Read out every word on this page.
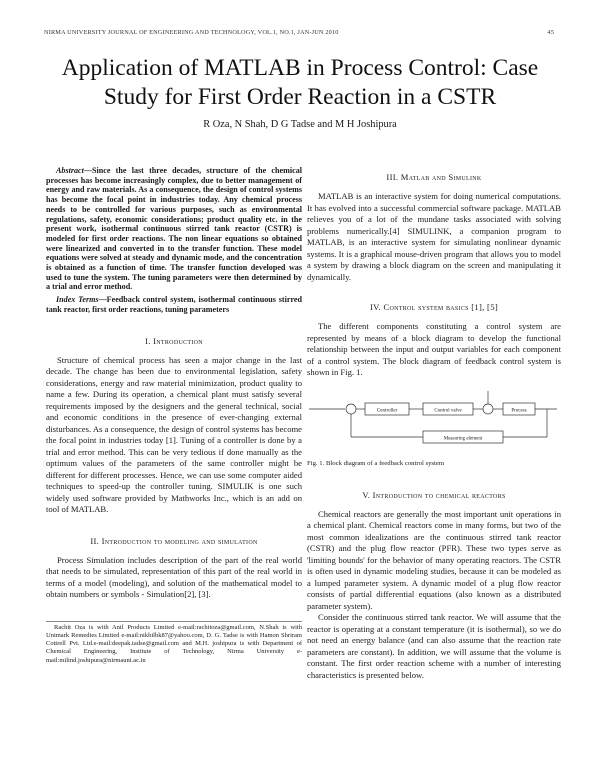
NIRMA UNIVERSITY JOURNAL OF ENGINEERING AND TECHNOLOGY, VOL.1, NO.1, JAN-JUN 2010	45
Application of MATLAB in Process Control: Case
Study for First Order Reaction in a CSTR
R Oza, N Shah, D G Tadse and M H Joshipura

Abstract—Since the last three decades, structure of the chemical processes has become increasingly complex, due to better management of energy and raw materials. As a consequence, the design of control systems has become the focal point in industries today. Any chemical process needs to be controlled for various purposes, such as environmental regulations, safety, economic considerations; product quality etc. in the present work, isothermal continuous stirred tank reactor (CSTR) is modeled for first order reactions. The non linear equations so obtained were linearized and converted in to the transfer function. These model equations were solved at steady and dynamic mode, and the concentration is obtained as a function of time. The transfer function developed was used to tune the system. The tuning parameters were then determined by a trial and error method.

Index Terms—Feedback control system, isothermal continuous stirred tank reactor, first order reactions, tuning parameters

I. Introduction

Structure of chemical process has seen a major change in the last decade. The change has been due to environmental legislation, safety considerations, energy and raw material minimization, product quality to name a few. During its operation, a chemical plant must satisfy several requirements imposed by the designers and the general technical, social and economic conditions in the presence of ever-changing external disturbances. As a consequence, the design of control systems has become the focal point in industries today [1]. Tuning of a controller is done by a trial and error method. This can be very tedious if done manually as the optimum values of the parameters of the same controller might be different for different processes. Hence, we can use some computer aided techniques to speed-up the controller tuning. SIMULIK is one such widely used software provided by Mathworks Inc., which is an add on tool of MATLAB.

II. Introduction to modeling and simulation

Process Simulation includes description of the part of the real world that needs to be simulated, representation of this part of the real world in terms of a model (modeling), and solution of the mathematical model to obtain numbers or symbols - Simulation[2], [3].

Rachit Oza is with Anil Products Limited e-mail:rachitoza@gmail.com, N.Shah is with Unimark Remedies Limited e-mail:nikhilbk87@yahoo.com, D. G. Tadse is with Hamon Shriram Cottrell Pvt. Ltd.e-mail:deepak.tadse@gmail.com and M.H. joshipura is with Department of Chemical Engineering, Institute of Technology, Nirma University e-mail:milind.joshipura@nirmauni.ac.in
III. Matlab and Simulink

MATLAB is an interactive system for doing numerical computations. It has evolved into a successful commercial software package. MATLAB relieves you of a lot of the mundane tasks associated with solving problems numerically.[4] SIMULINK, a companion program to MATLAB, is an interactive system for simulating nonlinear dynamic systems. It is a graphical mouse-driven program that allows you to model a system by drawing a block diagram on the screen and manipulating it dynamically.

IV. Control system basics [1], [5]

The different components constituting a control system are represented by means of a block diagram to develop the functional relationship between the input and output variables for each component of a control system. The block diagram of feedback control system is shown in Fig. 1.

Controller	Control valve	Process
Measuring element
Fig. 1. Block diagram of a feedback control system
V. Introduction to chemical reactors

Chemical reactors are generally the most important unit operations in a chemical plant. Chemical reactors come in many forms, but two of the most common idealizations are the continuous stirred tank reactor (CSTR) and the plug flow reactor (PFR). These two types serve as 'limiting bounds' for the behavior of many operating reactors. The CSTR is often used in dynamic modeling studies, because it can be modeled as a lumped parameter system. A dynamic model of a plug flow reactor consists of partial differential equations (also known as a distributed parameter system).

Consider the continuous stirred tank reactor. We will assume that the reactor is operating at a constant temperature (it is isothermal), so we do not need an energy balance (and can also assume that the reaction rate parameters are constant). In addition, we will assume that the volume is constant. The first order reaction scheme with a number of interesting characteristics is presented below.
